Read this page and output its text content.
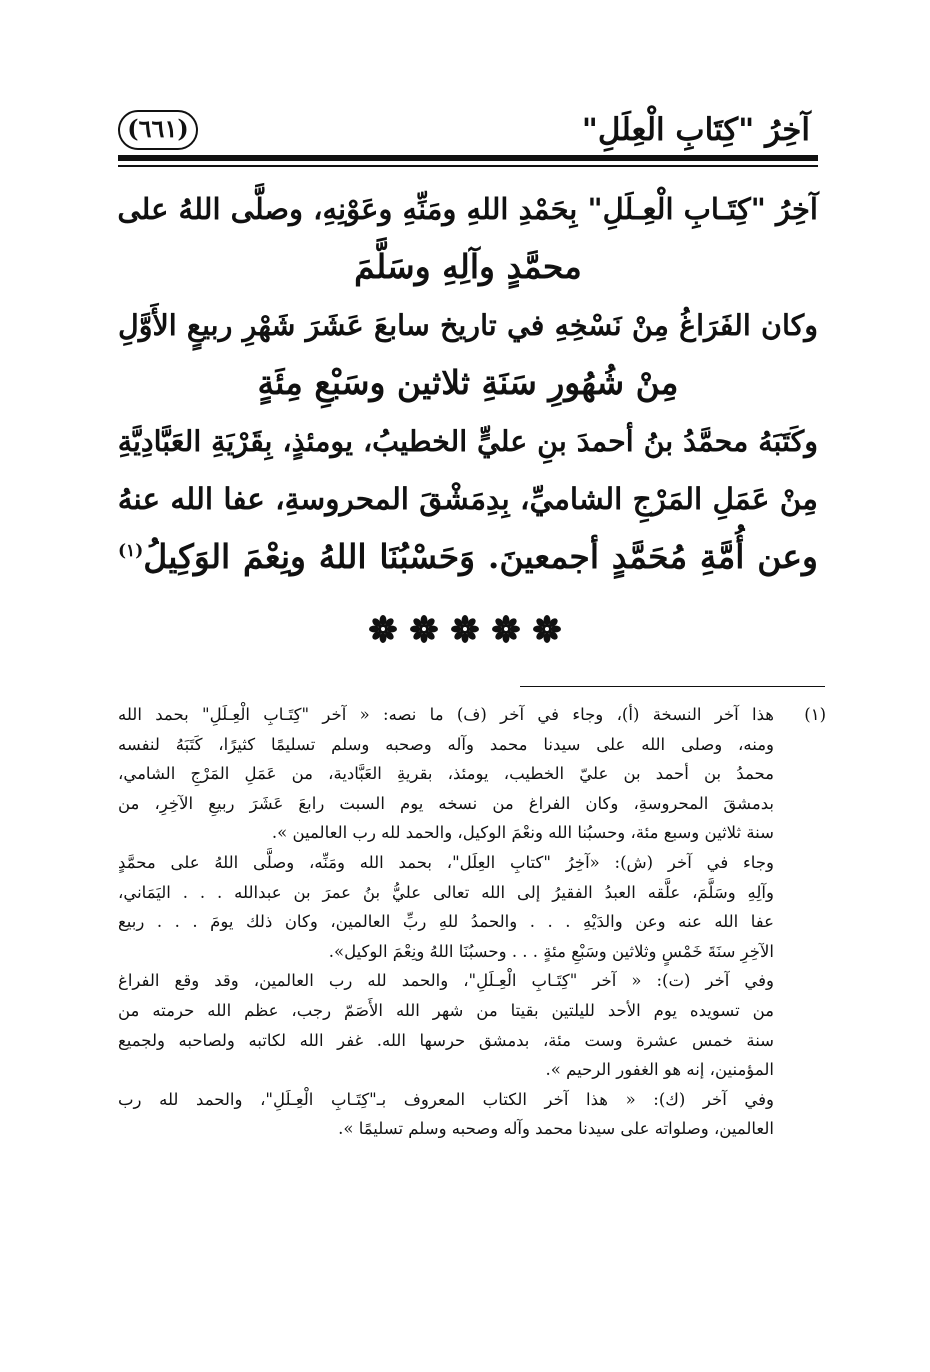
آخِرُ "كِتَابِ الْعِلَلِ"
(٦٦١)
آخِرُ "كِتَـابِ الْعِـلَلِ" بِحَمْدِ اللهِ ومَنِّهِ وعَوْنِهِ، وصلَّى اللهُ على
محمَّدٍ وآلِهِ وسَلَّمَ
وكان الفَرَاغُ مِنْ نَسْخِهِ في تاريخ سابعَ عَشَرَ شَهْرِ ربيعٍ الأَوَّلِ
مِنْ شُهُورِ سَنَةِ ثلاثين وسَبْعِ مِئَةٍ
وكَتَبَهُ محمَّدُ بنُ أحمدَ بنِ عليٍّ الخطيبُ، يومئذٍ، بِقَرْيَةِ العَبَّادِيَّةِ
مِنْ عَمَلِ المَرْجِ الشاميِّ، بِدِمَشْقَ المحروسةِ، عفا الله عنهُ
وعن أُمَّةِ مُحَمَّدٍ أجمعينَ. وَحَسْبُنَا اللهُ ونِعْمَ الوَكِيلُ$^{(١)}$

(١)هذا آخر النسخة (أ)، وجاء في آخر (ف) ما نصه: « آخر "كِتَـابِ الْعِـلَلِ" بحمد الله
ومنه، وصلى الله على سيدنا محمد وآله وصحبه وسلم تسليمًا كثيرًا، كَتَبَهُ لنفسه
محمدُ بن أحمد بن عليّ الخطيب، يومئذ، بقريةِ العَبَّادية، من عَمَلِ المَرْجِ الشامي،
بدمشقَ المحروسةِ، وكان الفراغ من نسخه يوم السبت رابعَ عَشَرَ ربيعِ الآخِرِ، من
سنة ثلاثين وسبع مئة، وحسبُنا الله ونعْمَ الوكيل، والحمد لله رب العالمين ».
وجاء في آخر (ش): «آخِرُ "كتابِ العِلَل"، بحمد الله ومَنِّه، وصلَّى اللهُ على محمَّدٍ
وآلِهِ وسَلَّمَ، علَّقه العبدُ الفقيرُ إلى الله تعالى عليُّ بنُ عمرَ بن عبدالله . . . اليَمَاني،
عفا الله عنه وعن والدَيْهِ . . . والحمدُ للهِ ربِّ العالمين، وكان ذلك يومَ . . . ربيع
الآخِرِ سنَةَ خَمْسٍ وثلاثين وسَبْعِ مئةٍ . . . وحسبُنَا اللهُ ونِعْمَ الوكيل».
وفي آخر (ت): « آخر "كِتَـابِ الْعِـلَلِ"، والحمد لله رب العالمين، وقد وقع الفراغ
من تسويده يوم الأحد لليلتين بقيتا من شهر الله الأَصَمّ رجب، عظم الله حرمته من
سنة خمس عشرة وست مئة، بدمشق حرسها الله. غفر الله لكاتبه ولصاحبه ولجميع
المؤمنين، إنه هو الغفور الرحيم ».
وفي آخر (ك): « هذا آخر الكتاب المعروف بـ"كِتَـابِ الْعِـلَلِ"، والحمد لله رب
العالمين، وصلواته على سيدنا محمد وآله وصحبه وسلم تسليمًا ».
